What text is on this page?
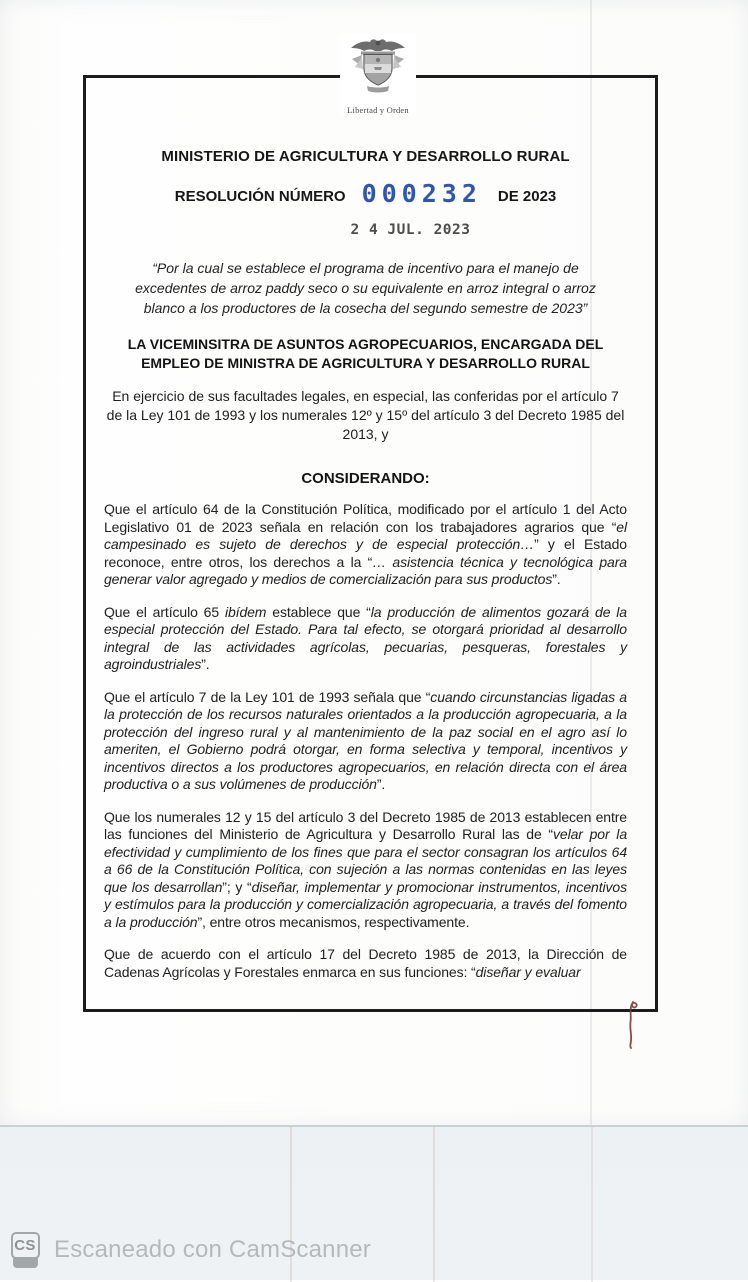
Libertad y Orden
MINISTERIO DE AGRICULTURA Y DESARROLLO RURAL
RESOLUCIÓN NÚMERO 000232 DE 2023
2 4 JUL. 2023
“Por la cual se establece el programa de incentivo para el manejo de excedentes de arroz paddy seco o su equivalente en arroz integral o arroz blanco a los productores de la cosecha del segundo semestre de 2023”
LA VICEMINSITRA DE ASUNTOS AGROPECUARIOS, ENCARGADA DEL EMPLEO DE MINISTRA DE AGRICULTURA Y DESARROLLO RURAL
En ejercicio de sus facultades legales, en especial, las conferidas por el artículo 7 de la Ley 101 de 1993 y los numerales 12º y 15º del artículo 3 del Decreto 1985 del 2013, y
CONSIDERANDO:
Que el artículo 64 de la Constitución Política, modificado por el artículo 1 del Acto Legislativo 01 de 2023 señala en relación con los trabajadores agrarios que “el campesinado es sujeto de derechos y de especial protección…” y el Estado reconoce, entre otros, los derechos a la “… asistencia técnica y tecnológica para generar valor agregado y medios de comercialización para sus productos”.
Que el artículo 65 ibídem establece que “la producción de alimentos gozará de la especial protección del Estado. Para tal efecto, se otorgará prioridad al desarrollo integral de las actividades agrícolas, pecuarias, pesqueras, forestales y agroindustriales”.
Que el artículo 7 de la Ley 101 de 1993 señala que “cuando circunstancias ligadas a la protección de los recursos naturales orientados a la producción agropecuaria, a la protección del ingreso rural y al mantenimiento de la paz social en el agro así lo ameriten, el Gobierno podrá otorgar, en forma selectiva y temporal, incentivos y incentivos directos a los productores agropecuarios, en relación directa con el área productiva o a sus volúmenes de producción”.
Que los numerales 12 y 15 del artículo 3 del Decreto 1985 de 2013 establecen entre las funciones del Ministerio de Agricultura y Desarrollo Rural las de “velar por la efectividad y cumplimiento de los fines que para el sector consagran los artículos 64 a 66 de la Constitución Política, con sujeción a las normas contenidas en las leyes que los desarrollan”; y “diseñar, implementar y promocionar instrumentos, incentivos y estímulos para la producción y comercialización agropecuaria, a través del fomento a la producción”, entre otros mecanismos, respectivamente.
Que de acuerdo con el artículo 17 del Decreto 1985 de 2013, la Dirección de Cadenas Agrícolas y Forestales enmarca en sus funciones: “diseñar y evaluar
CS Escaneado con CamScanner
